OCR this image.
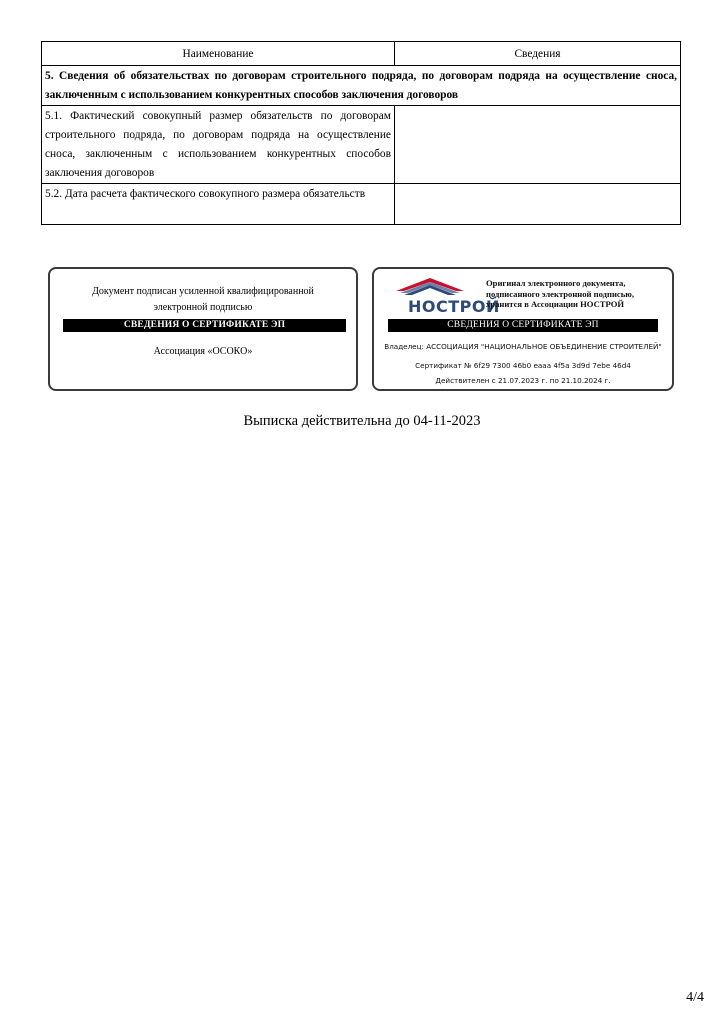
Наименование	Сведения
5. Сведения об обязательствах по договорам строительного подряда, по договорам подряда на осуществление сноса, заключенным с использованием конкурентных способов заключения договоров	
5.1. Фактический совокупный размер обязательств по договорам строительного подряда, по договорам подряда на осуществление сноса, заключенным с использованием конкурентных способов заключения договоров	
5.2. Дата расчета фактического совокупного размера обязательств	
Документ подписан усиленной квалифицированной
электронной подписью
СВЕДЕНИЯ О СЕРТИФИКАТЕ ЭП
Ассоциация «ОСОКО»
НОСТРОЙ
Оригинал электронного документа,
подписанного электронной подписью,
хранится в Ассоциации НОСТРОЙ
СВЕДЕНИЯ О СЕРТИФИКАТЕ ЭП
Владелец: АССОЦИАЦИЯ "НАЦИОНАЛЬНОЕ ОБЪЕДИНЕНИЕ СТРОИТЕЛЕЙ"
Сертификат № 6f29 7300 46b0 eaaa 4f5a 3d9d 7ebe 46d4
Действителен с 21.07.2023 г. по 21.10.2024 г.
Выписка действительна до 04-11-2023
4/4
